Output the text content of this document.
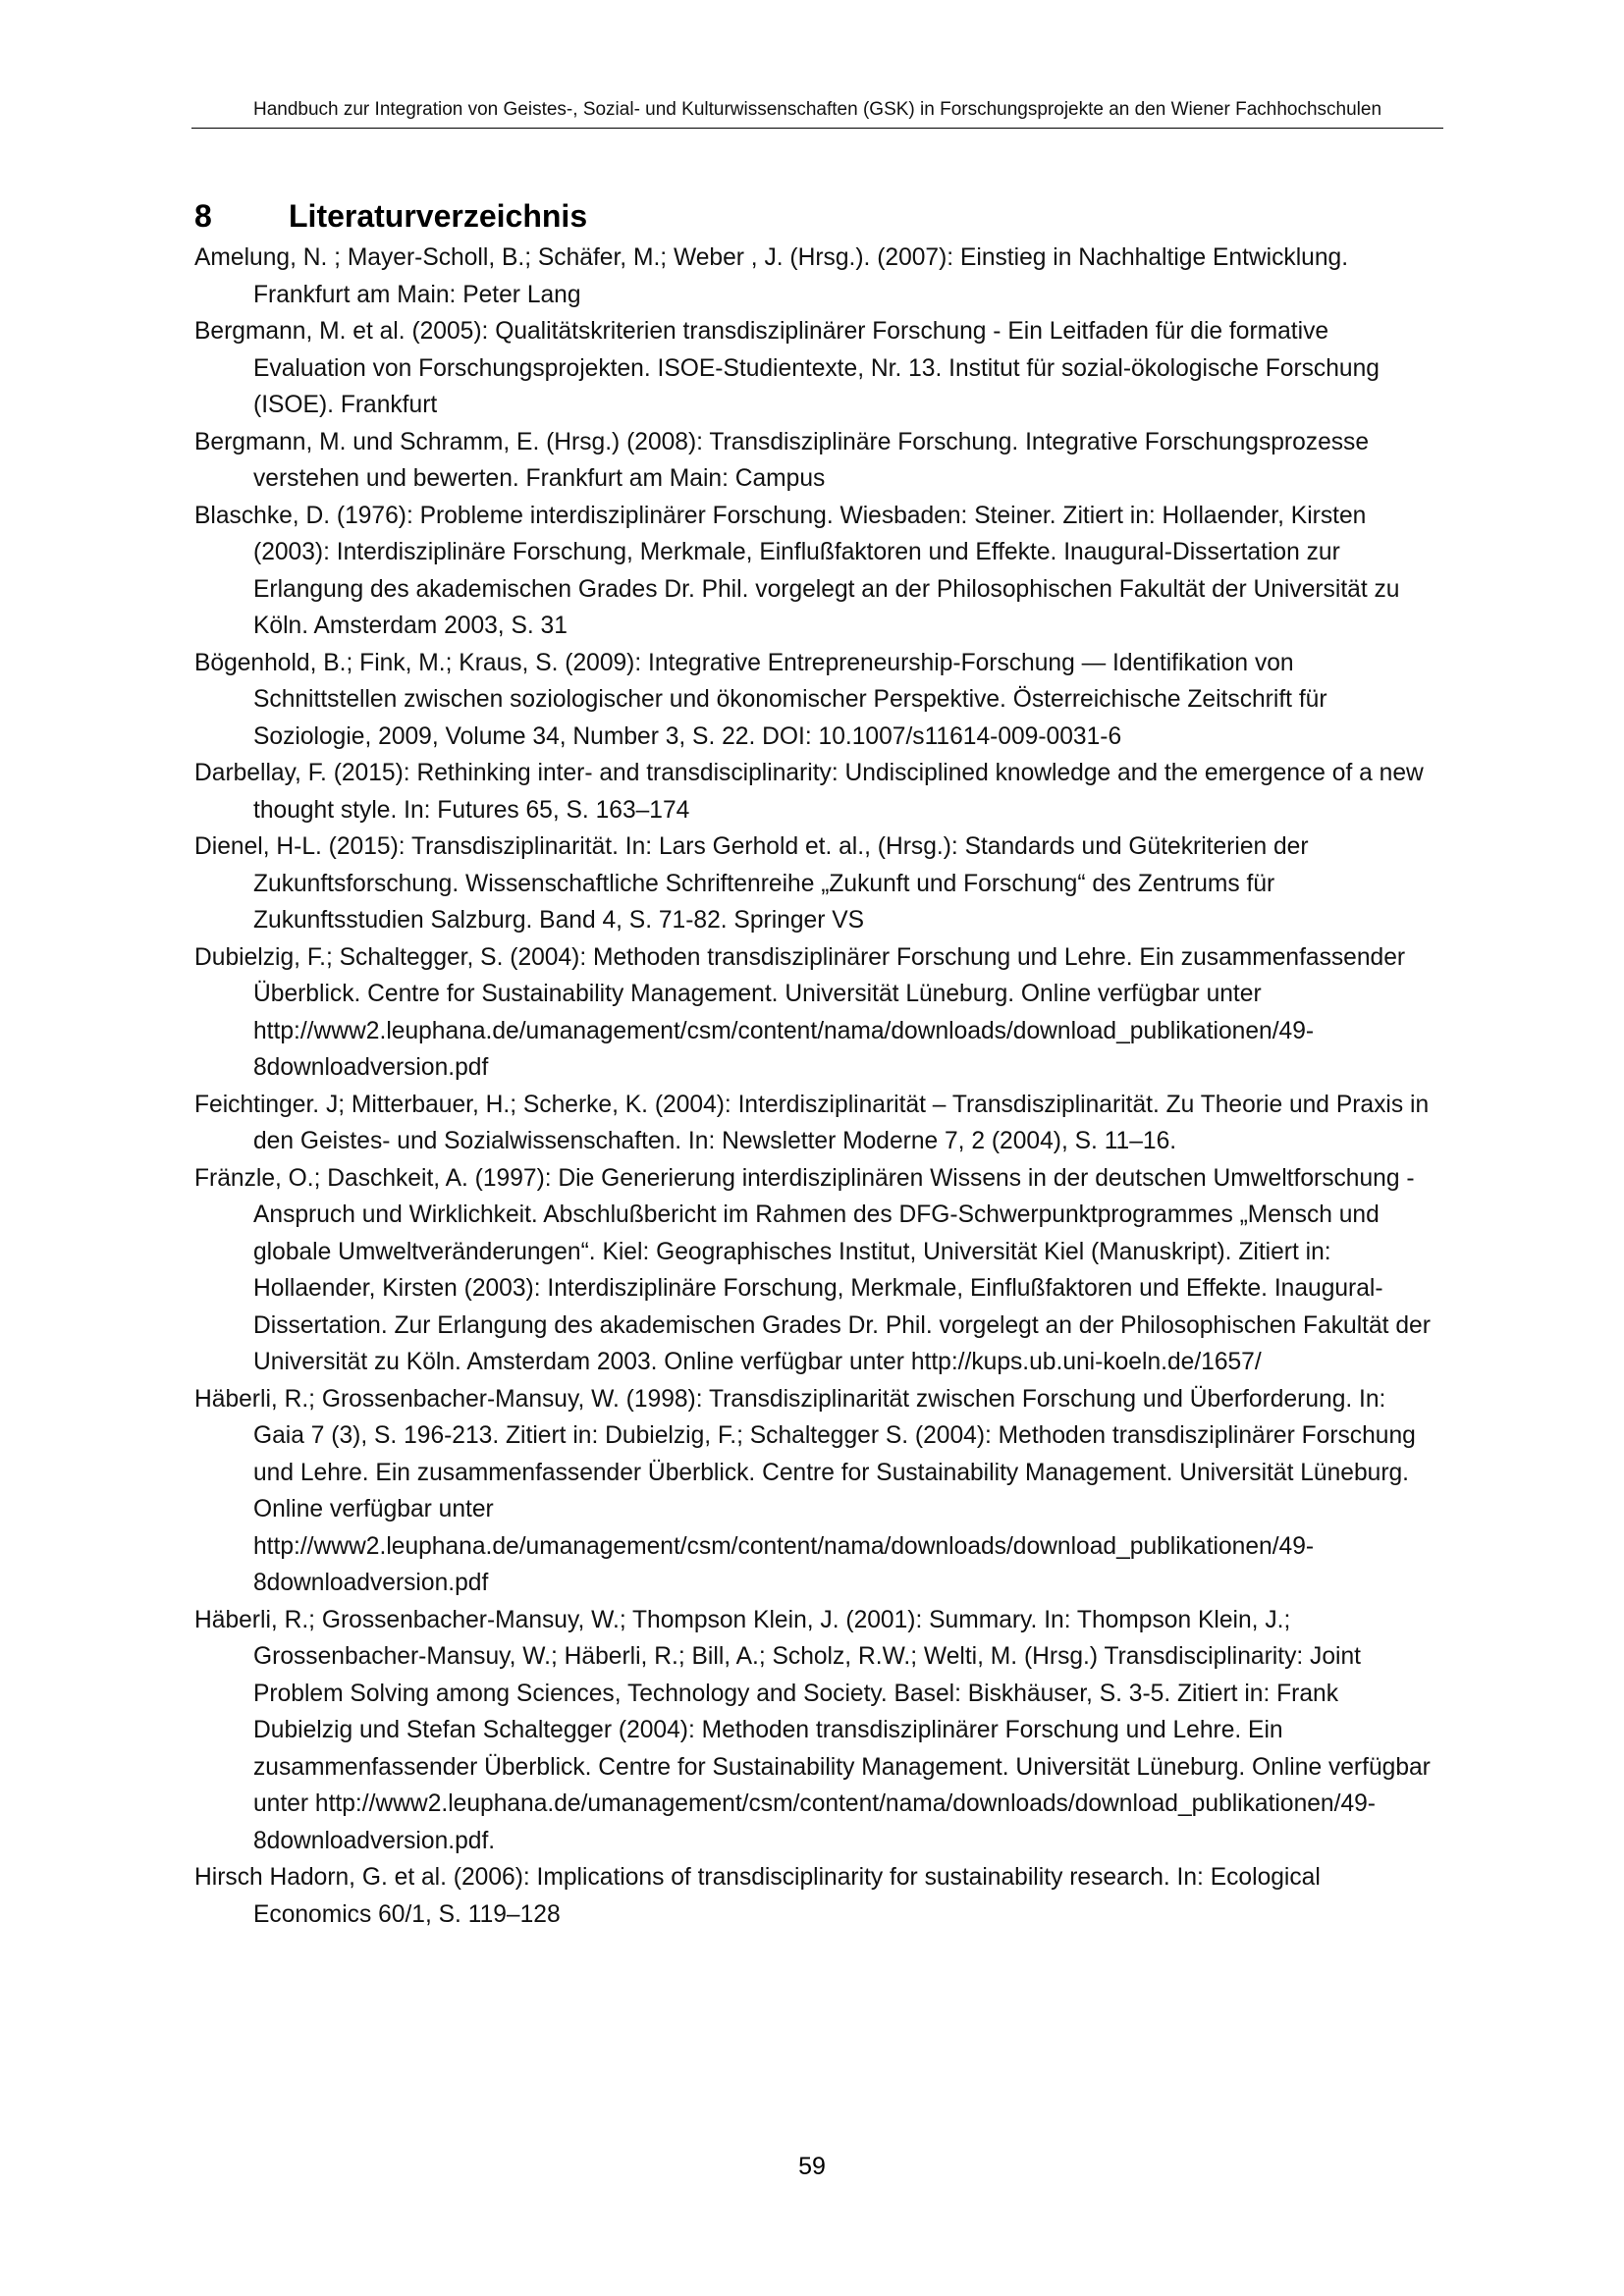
Handbuch zur Integration von Geistes-, Sozial- und Kulturwissenschaften (GSK) in Forschungsprojekte an den Wiener Fachhochschulen
8 Literaturverzeichnis
Amelung, N. ; Mayer-Scholl, B.; Schäfer, M.; Weber , J. (Hrsg.). (2007): Einstieg in Nachhaltige Entwicklung. Frankfurt am Main: Peter Lang
Bergmann, M. et al. (2005): Qualitätskriterien transdisziplinärer Forschung - Ein Leitfaden für die formative Evaluation von Forschungsprojekten. ISOE-Studientexte, Nr. 13. Institut für sozial-ökologische Forschung (ISOE). Frankfurt
Bergmann, M. und Schramm, E. (Hrsg.) (2008): Transdisziplinäre Forschung. Integrative Forschungsprozesse verstehen und bewerten. Frankfurt am Main: Campus
Blaschke, D. (1976): Probleme interdisziplinärer Forschung. Wiesbaden: Steiner. Zitiert in: Hollaender, Kirsten (2003): Interdisziplinäre Forschung, Merkmale, Einflußfaktoren und Effekte. Inaugural-Dissertation zur Erlangung des akademischen Grades Dr. Phil. vorgelegt an der Philosophischen Fakultät der Universität zu Köln. Amsterdam 2003, S. 31
Bögenhold, B.; Fink, M.; Kraus, S. (2009): Integrative Entrepreneurship-Forschung — Identifikation von Schnittstellen zwischen soziologischer und ökonomischer Perspektive. Österreichische Zeitschrift für Soziologie, 2009, Volume 34, Number 3, S. 22. DOI: 10.1007/s11614-009-0031-6
Darbellay, F. (2015): Rethinking inter- and transdisciplinarity: Undisciplined knowledge and the emergence of a new thought style. In: Futures 65, S. 163–174
Dienel, H-L. (2015): Transdisziplinarität. In: Lars Gerhold et. al., (Hrsg.): Standards und Gütekriterien der Zukunftsforschung. Wissenschaftliche Schriftenreihe „Zukunft und Forschung“ des Zentrums für Zukunftsstudien Salzburg. Band 4, S. 71-82. Springer VS
Dubielzig, F.; Schaltegger, S. (2004): Methoden transdisziplinärer Forschung und Lehre. Ein zusammenfassender Überblick. Centre for Sustainability Management. Universität Lüneburg. Online verfügbar unter http://www2.leuphana.de/umanagement/csm/content/nama/downloads/download_publikationen/49-8downloadversion.pdf
Feichtinger. J; Mitterbauer, H.; Scherke, K. (2004): Interdisziplinarität – Transdisziplinarität. Zu Theorie und Praxis in den Geistes- und Sozialwissenschaften. In: Newsletter Moderne 7, 2 (2004), S. 11–16.
Fränzle, O.; Daschkeit, A. (1997): Die Generierung interdisziplinären Wissens in der deutschen Umweltforschung - Anspruch und Wirklichkeit. Abschlußbericht im Rahmen des DFG-Schwerpunktprogrammes „Mensch und globale Umweltveränderungen“. Kiel: Geographisches Institut, Universität Kiel (Manuskript). Zitiert in: Hollaender, Kirsten (2003): Interdisziplinäre Forschung, Merkmale, Einflußfaktoren und Effekte. Inaugural-Dissertation. Zur Erlangung des akademischen Grades Dr. Phil. vorgelegt an der Philosophischen Fakultät der Universität zu Köln. Amsterdam 2003. Online verfügbar unter http://kups.ub.uni-koeln.de/1657/
Häberli, R.; Grossenbacher-Mansuy, W. (1998): Transdisziplinarität zwischen Forschung und Überforderung. In: Gaia 7 (3), S. 196-213. Zitiert in: Dubielzig, F.; Schaltegger S. (2004): Methoden transdisziplinärer Forschung und Lehre. Ein zusammenfassender Überblick. Centre for Sustainability Management. Universität Lüneburg. Online verfügbar unter http://www2.leuphana.de/umanagement/csm/content/nama/downloads/download_publikationen/49-8downloadversion.pdf
Häberli, R.; Grossenbacher-Mansuy, W.; Thompson Klein, J. (2001): Summary. In: Thompson Klein, J.; Grossenbacher-Mansuy, W.; Häberli, R.; Bill, A.; Scholz, R.W.; Welti, M. (Hrsg.) Transdisciplinarity: Joint Problem Solving among Sciences, Technology and Society. Basel: Biskhäuser, S. 3-5. Zitiert in: Frank Dubielzig und Stefan Schaltegger (2004): Methoden transdisziplinärer Forschung und Lehre. Ein zusammenfassender Überblick. Centre for Sustainability Management. Universität Lüneburg. Online verfügbar unter http://www2.leuphana.de/umanagement/csm/content/nama/downloads/download_publikationen/49-8downloadversion.pdf.
Hirsch Hadorn, G. et al. (2006): Implications of transdisciplinarity for sustainability research. In: Ecological Economics 60/1, S. 119–128
59
